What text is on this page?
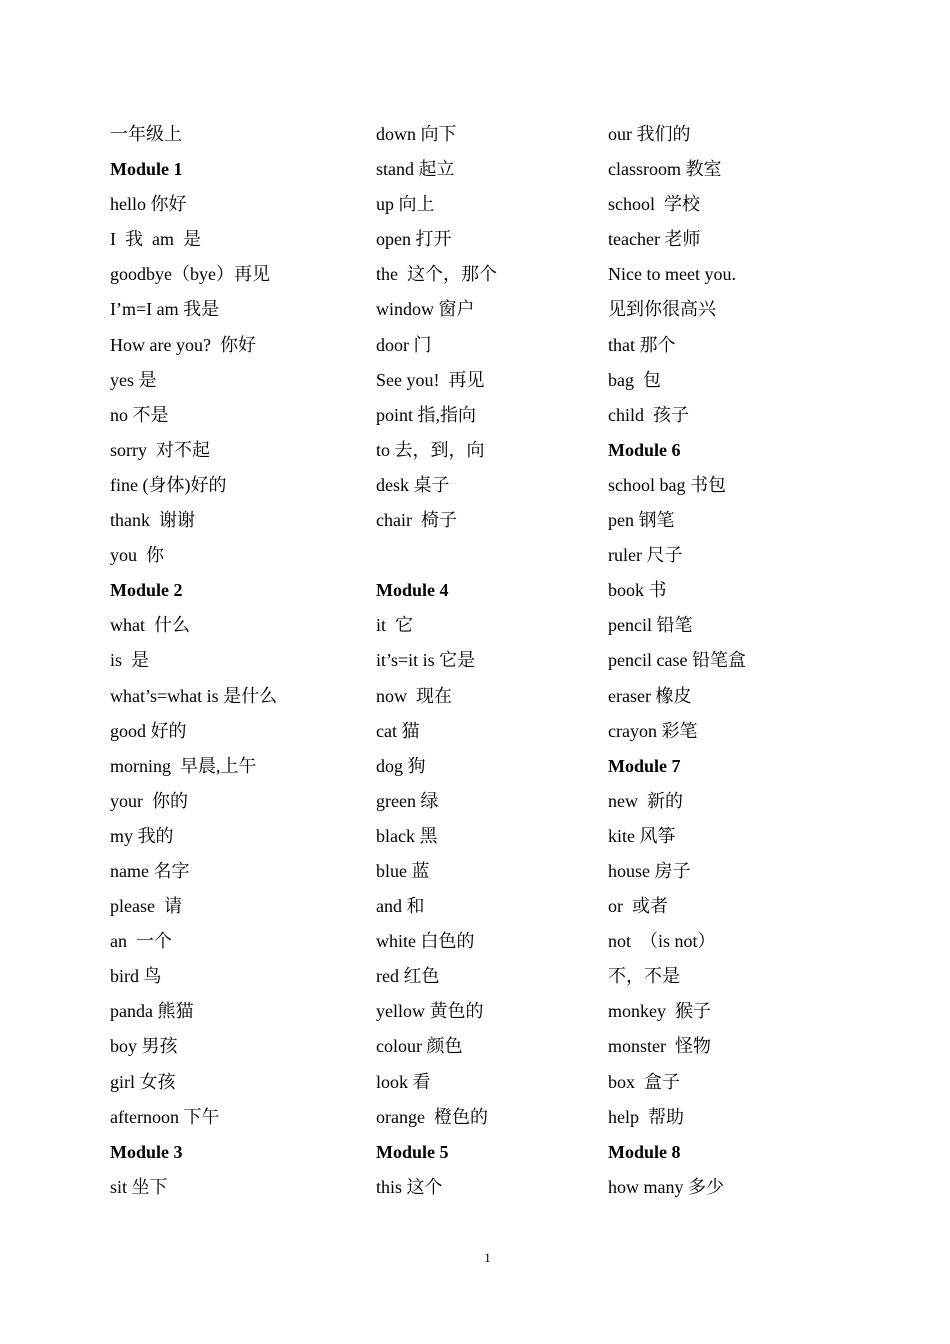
一年级上
Module 1
hello 你好
I  我  am  是
goodbye（bye）再见
I’m=I am 我是
How are you?  你好
yes 是
no 不是
sorry  对不起
fine (身体)好的
thank  谢谢
you  你
Module 2
what  什么
is  是
what’s=what is 是什么
good 好的
morning  早晨,上午
your  你的
my 我的
name 名字
please  请
an  一个
bird 鸟
panda 熊猫
boy 男孩
girl 女孩
afternoon 下午
Module 3
sit 坐下
down 向下
stand 起立
up 向上
open 打开
the  这个，那个
window 窗户
door 门
See you!  再见
point 指,指向
to 去，到，向
desk 桌子
chair  椅子
Module 4
it  它
it’s=it is 它是
now  现在
cat 猫
dog 狗
green 绿
black 黑
blue 蓝
and 和
white 白色的
red 红色
yellow 黄色的
colour 颜色
look 看
orange  橙色的
Module 5
this 这个
our 我们的
classroom 教室
school  学校
teacher 老师
Nice to meet you.
见到你很高兴
that 那个
bag  包
child  孩子
Module 6
school bag 书包
pen 钢笔
ruler 尺子
book 书
pencil 铅笔
pencil case 铅笔盒
eraser 橡皮
crayon 彩笔
Module 7
new  新的
kite 风筝
house 房子
or  或者
not  （is not）
不，不是
monkey  猴子
monster  怪物
box  盒子
help  帮助
Module 8
how many 多少
1
